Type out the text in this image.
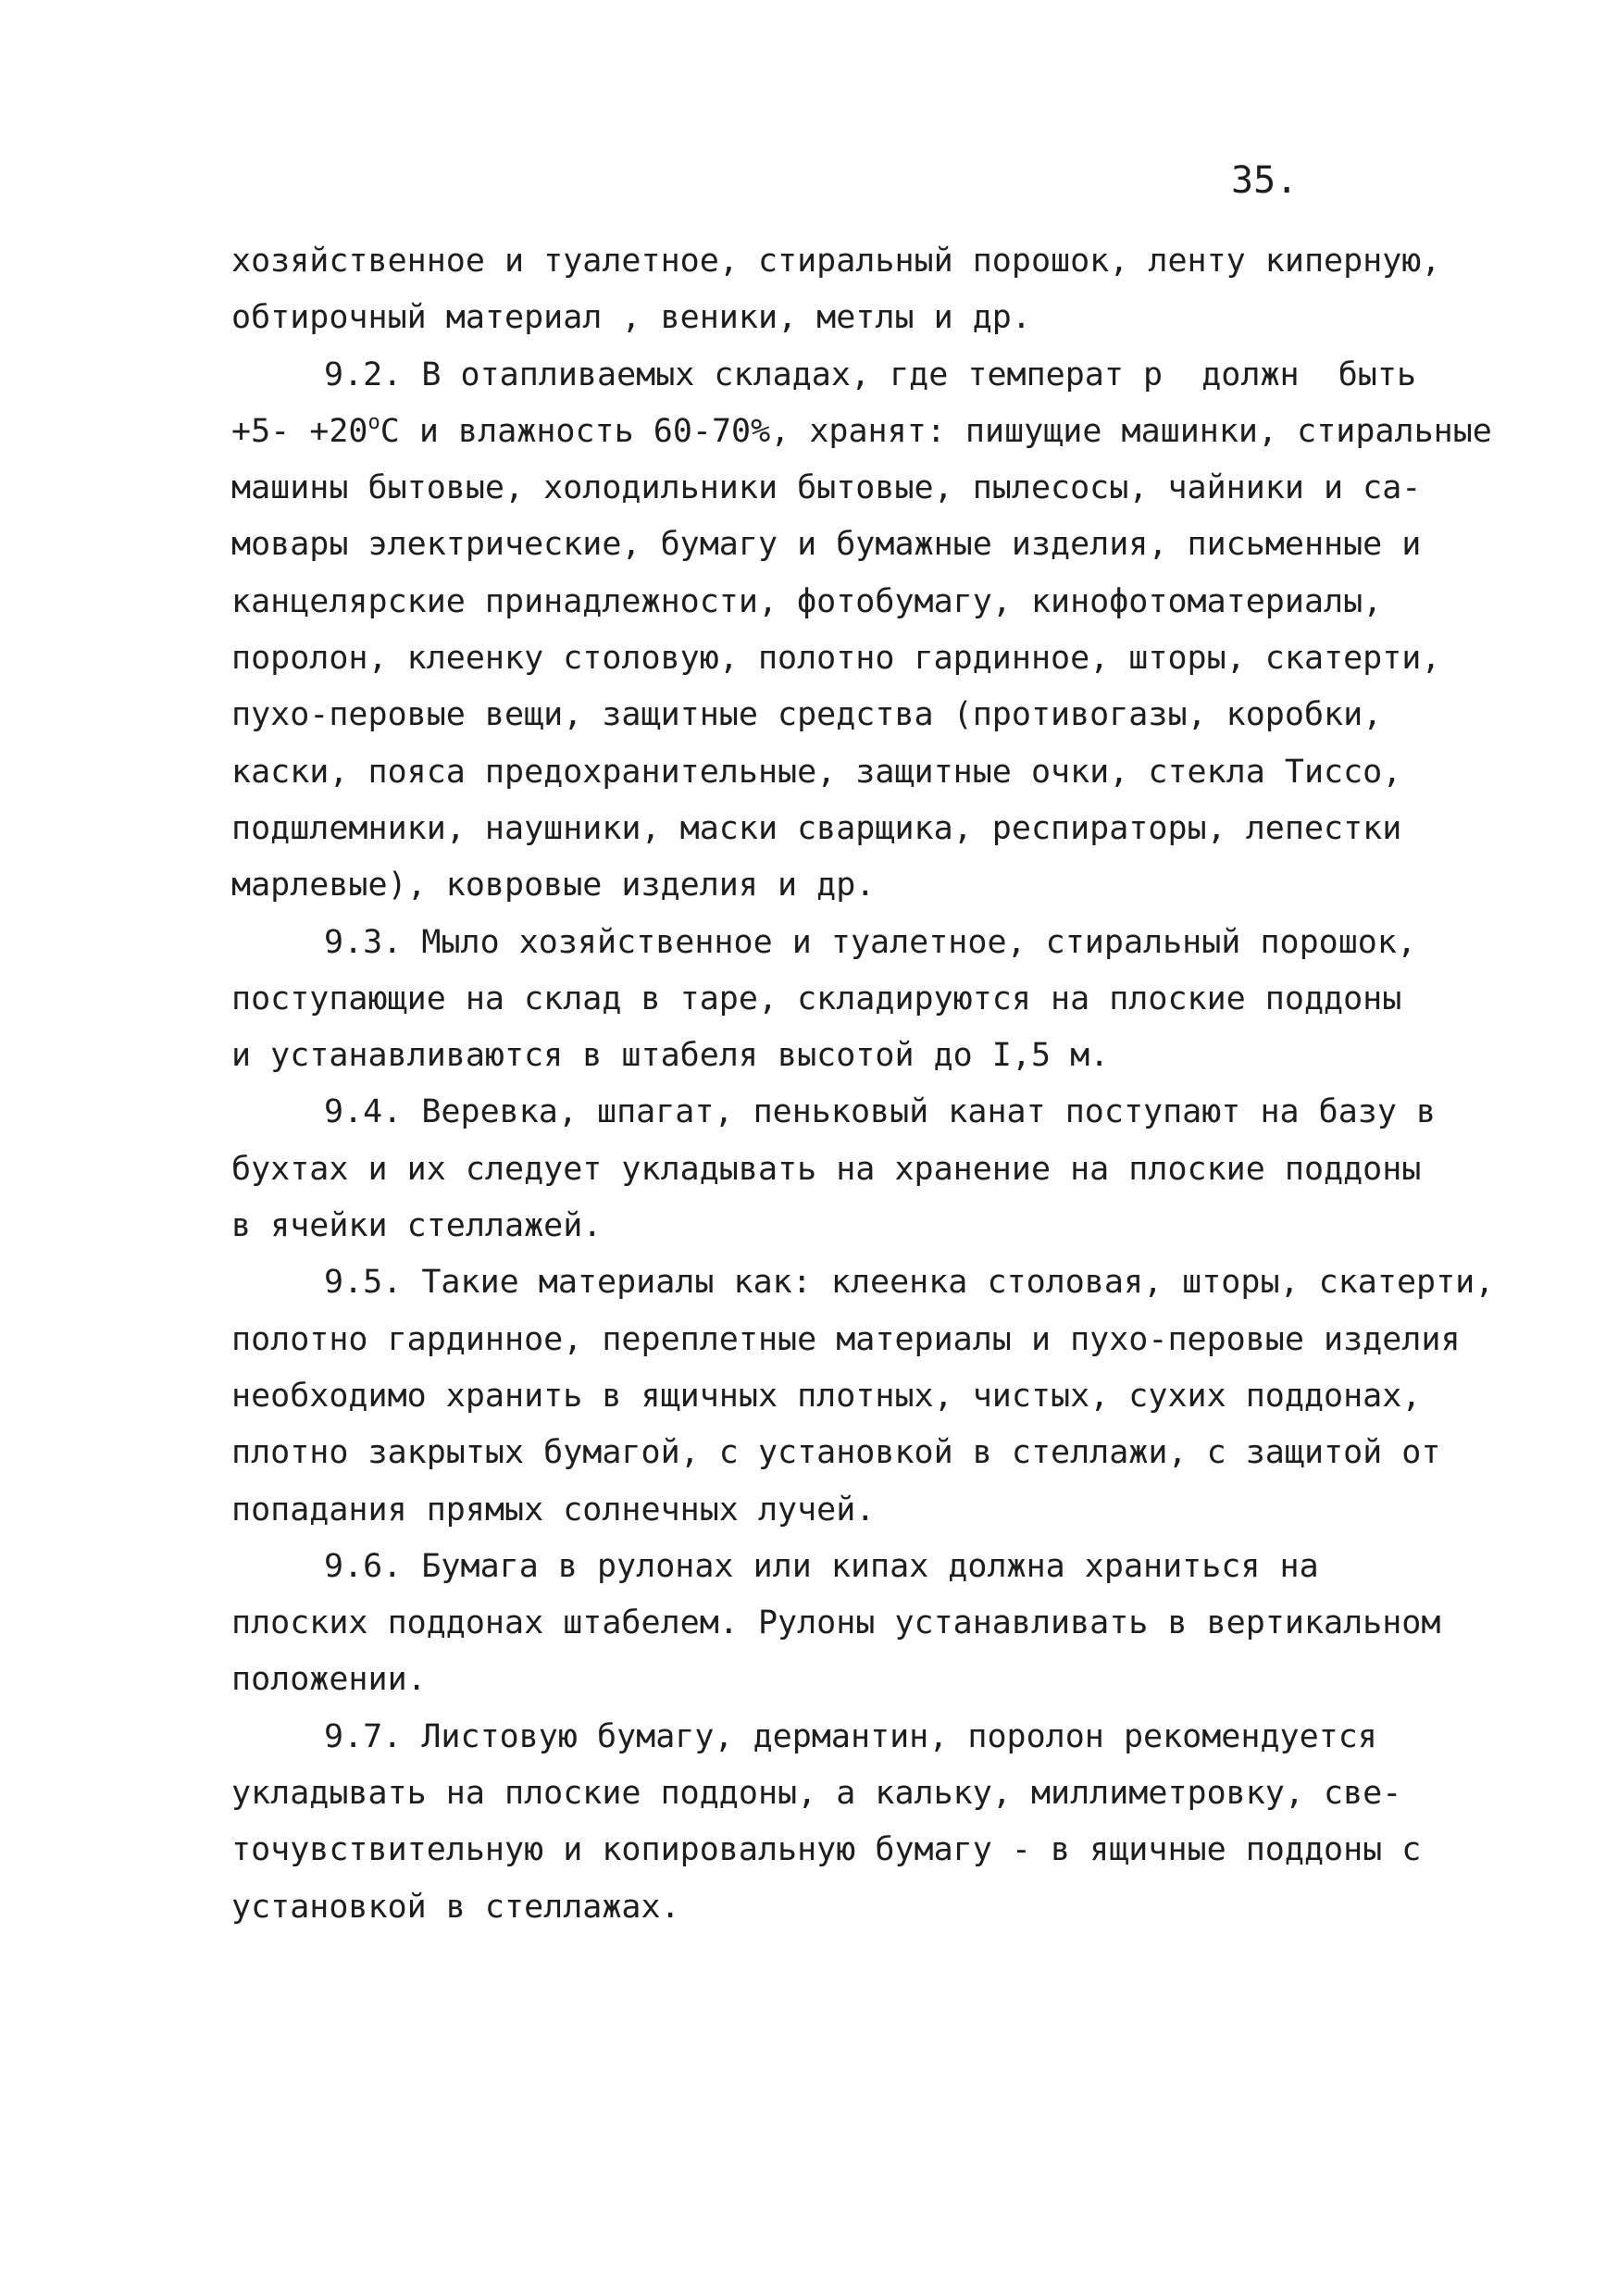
35.
хозяйственное и туалетное, стиральный порошок, ленту киперную,
обтирочный материал , веники, метлы и др.
9.2. В отапливаемых складах, где температ р  должн  быть
$+5- +20^oС$ и влажность 60-70%, хранят: пишущие машинки, стиральные
машины бытовые, холодильники бытовые, пылесосы, чайники и са-
мовары электрические, бумагу и бумажные изделия, письменные и
канцелярские принадлежности, фотобумагу, кинофотоматериалы,
поролон, клеенку столовую, полотно гардинное, шторы, скатерти,
пухо-перовые вещи, защитные средства (противогазы, коробки,
каски, пояса предохранительные, защитные очки, стекла Тиссо,
подшлемники, наушники, маски сварщика, респираторы, лепестки
марлевые), ковровые изделия и др.
9.3. Мыло хозяйственное и туалетное, стиральный порошок,
поступающие на склад в таре, складируются на плоские поддоны
и устанавливаются в штабеля высотой до I,5 м.
9.4. Веревка, шпагат, пеньковый канат поступают на базу в
бухтах и их следует укладывать на хранение на плоские поддоны
в ячейки стеллажей.
9.5. Такие материалы как: клеенка столовая, шторы, скатерти,
полотно гардинное, переплетные материалы и пухо-перовые изделия
необходимо хранить в ящичных плотных, чистых, сухих поддонах,
плотно закрытых бумагой, с установкой в стеллажи, с защитой от
попадания прямых солнечных лучей.
9.6. Бумага в рулонах или кипах должна храниться на
плоских поддонах штабелем. Рулоны устанавливать в вертикальном
положении.
9.7. Листовую бумагу, дермантин, поролон рекомендуется
укладывать на плоские поддоны, а кальку, миллиметровку, све-
точувствительную и копировальную бумагу - в ящичные поддоны с
установкой в стеллажах.
